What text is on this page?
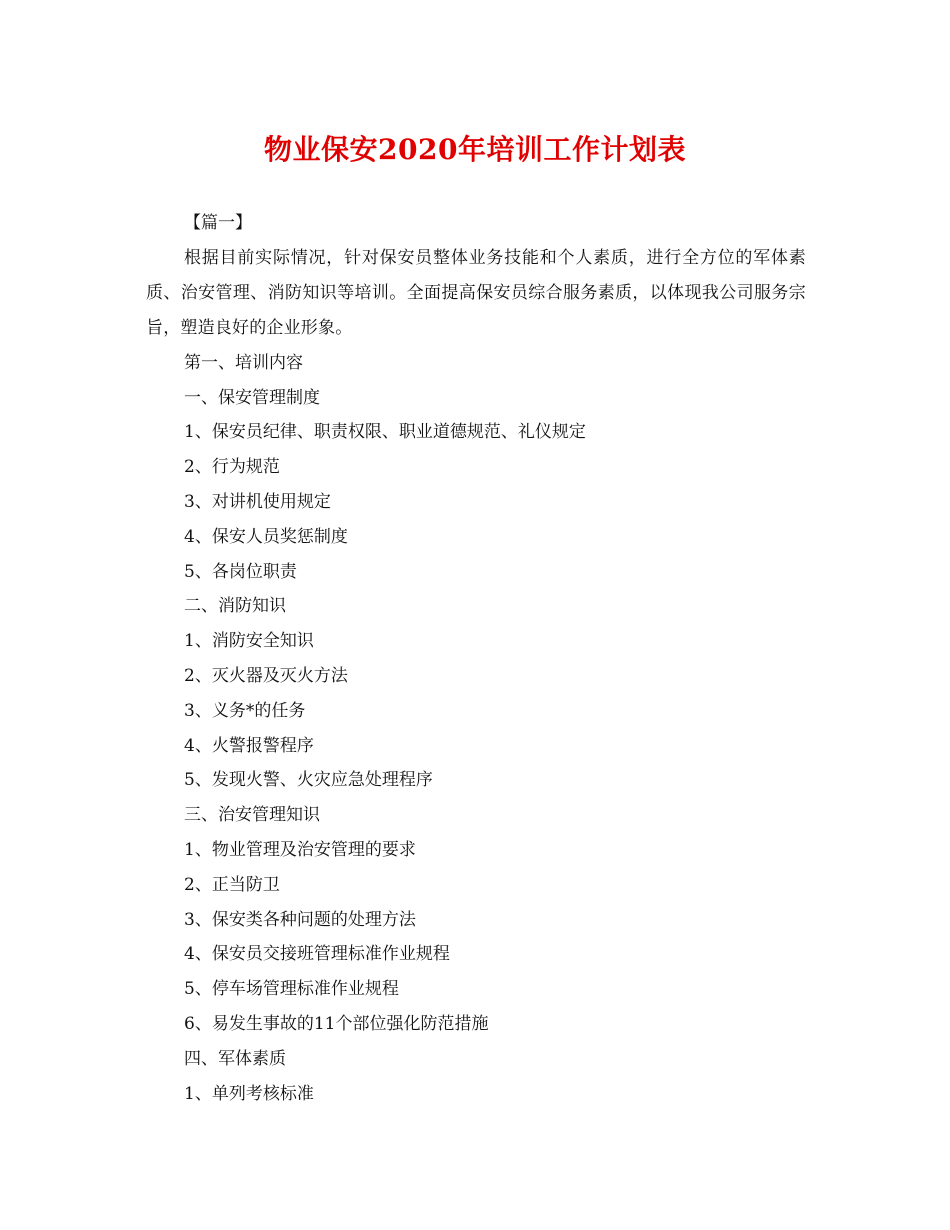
物业保安2020年培训工作计划表
【篇一】
根据目前实际情况，针对保安员整体业务技能和个人素质，进行全方位的军体素质、治安管理、消防知识等培训。全面提高保安员综合服务素质，以体现我公司服务宗旨，塑造良好的企业形象。
第一、培训内容
一、保安管理制度
1、保安员纪律、职责权限、职业道德规范、礼仪规定
2、行为规范
3、对讲机使用规定
4、保安人员奖惩制度
5、各岗位职责
二、消防知识
1、消防安全知识
2、灭火器及灭火方法
3、义务*的任务
4、火警报警程序
5、发现火警、火灾应急处理程序
三、治安管理知识
1、物业管理及治安管理的要求
2、正当防卫
3、保安类各种问题的处理方法
4、保安员交接班管理标准作业规程
5、停车场管理标准作业规程
6、易发生事故的11个部位强化防范措施
四、军体素质
1、单列考核标准
